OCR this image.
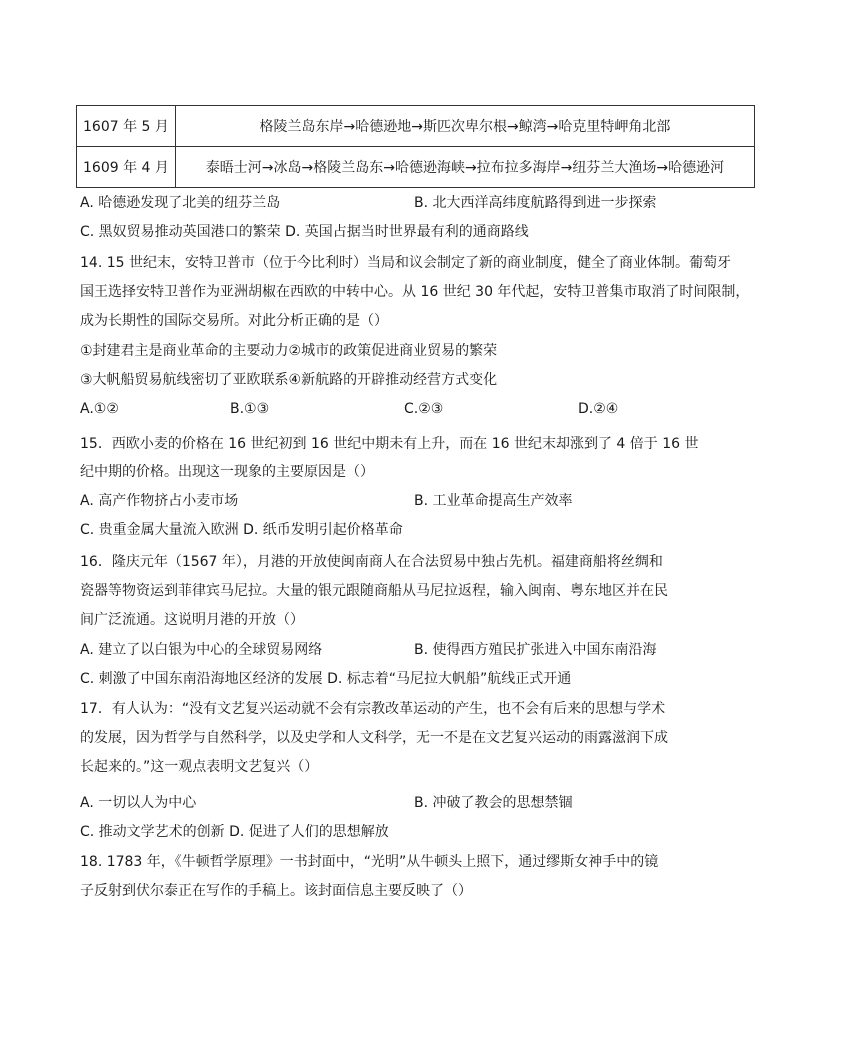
1607 年 5 月	格陵兰岛东岸→哈德逊地→斯匹次卑尔根→鲸湾→哈克里特岬角北部
1609 年 4 月	泰晤士河→冰岛→格陵兰岛东→哈德逊海峡→拉布拉多海岸→纽芬兰大渔场→哈德逊河
A. 哈德逊发现了北美的纽芬兰岛	B. 北大西洋高纬度航路得到进一步探索
C. 黑奴贸易推动英国港口的繁荣 D. 英国占据当时世界最有利的通商路线
14. 15 世纪末，安特卫普市（位于今比利时）当局和议会制定了新的商业制度，健全了商业体制。葡萄牙
国王选择安特卫普作为亚洲胡椒在西欧的中转中心。从 16 世纪 30 年代起，安特卫普集市取消了时间限制，
成为长期性的国际交易所。对此分析正确的是（）
①封建君主是商业革命的主要动力②城市的政策促进商业贸易的繁荣
③大帆船贸易航线密切了亚欧联系④新航路的开辟推动经营方式变化
A.①②	B.①③	C.②③	D.②④
15．西欧小麦的价格在 16 世纪初到 16 世纪中期未有上升，而在 16 世纪末却涨到了 4 倍于 16 世
纪中期的价格。出现这一现象的主要原因是（）
A. 高产作物挤占小麦市场	B. 工业革命提高生产效率
C. 贵重金属大量流入欧洲 D. 纸币发明引起价格革命
16．隆庆元年（1567 年），月港的开放使闽南商人在合法贸易中独占先机。福建商船将丝绸和
瓷器等物资运到菲律宾马尼拉。大量的银元跟随商船从马尼拉返程，输入闽南、粤东地区并在民
间广泛流通。这说明月港的开放（）
A. 建立了以白银为中心的全球贸易网络	B. 使得西方殖民扩张进入中国东南沿海
C. 刺激了中国东南沿海地区经济的发展 D. 标志着“马尼拉大帆船”航线正式开通
17．有人认为：“没有文艺复兴运动就不会有宗教改革运动的产生，也不会有后来的思想与学术
的发展，因为哲学与自然科学，以及史学和人文科学，无一不是在文艺复兴运动的雨露滋润下成
长起来的。”这一观点表明文艺复兴（）
A. 一切以人为中心	B. 冲破了教会的思想禁锢
C. 推动文学艺术的创新 D. 促进了人们的思想解放
18. 1783 年，《牛顿哲学原理》一书封面中，“光明”从牛顿头上照下，通过缪斯女神手中的镜
子反射到伏尔泰正在写作的手稿上。该封面信息主要反映了（）
